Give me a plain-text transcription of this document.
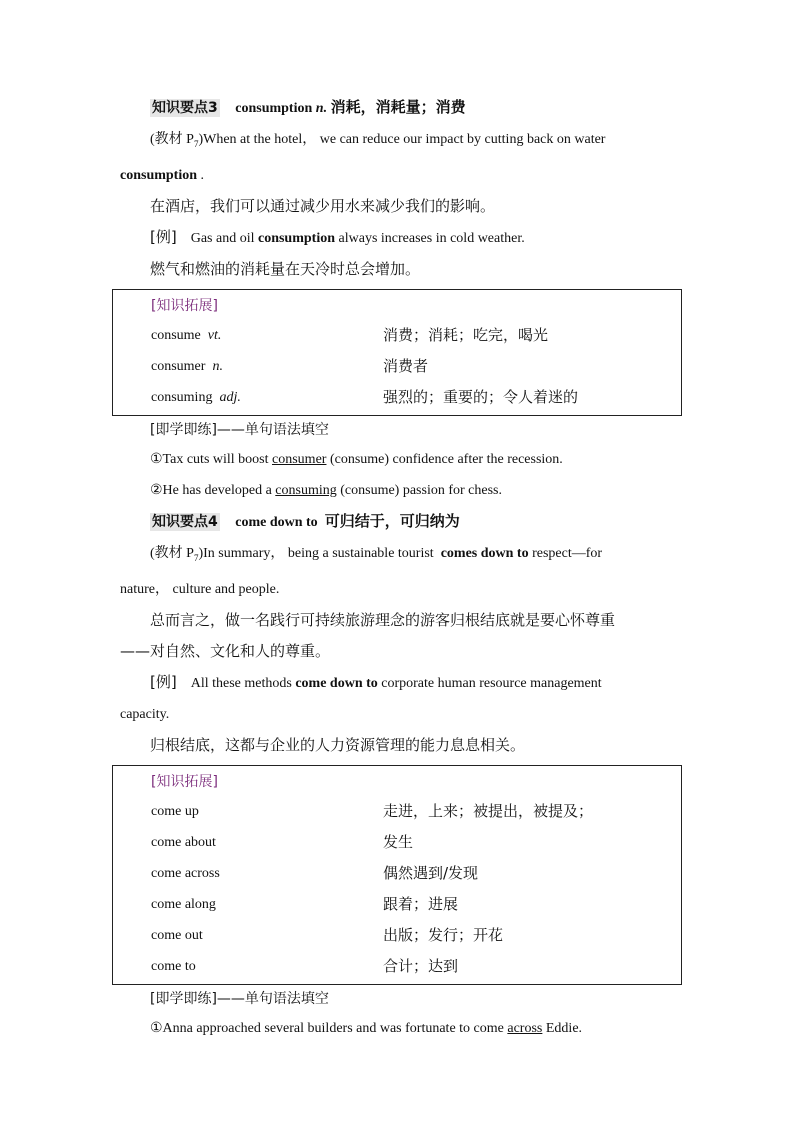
知识要点3 consumption n. 消耗，消耗量；消费
(教材 $P_7)When$ at the hotel， we can reduce our impact by cutting back on water
consumption .
在酒店，我们可以通过减少用水来减少我们的影响。
[例] Gas and oil consumption always increases in cold weather.
燃气和燃油的消耗量在天冷时总会增加。
[知识拓展]
consume vt.	消费；消耗；吃完，喝光
consumer n.	消费者
consuming adj.	强烈的；重要的；令人着迷的
[即学即练]——单句语法填空
①Tax cuts will boost consumer (consume) confidence after the recession.
②He has developed a consuming (consume) passion for chess.
知识要点4 come down to 可归结于，可归纳为
(教材 $P_7)In$ summary， being a sustainable tourist comes down to respect—for
nature， culture and people.
总而言之，做一名践行可持续旅游理念的游客归根结底就是要心怀尊重
——对自然、文化和人的尊重。
[例] All these methods come down to corporate human resource management
capacity.
归根结底，这都与企业的人力资源管理的能力息息相关。
[知识拓展]
come up	走进，上来；被提出，被提及；
come about	发生
come across	偶然遇到/发现
come along	跟着；进展
come out	出版；发行；开花
come to	合计；达到
[即学即练]——单句语法填空
①Anna approached several builders and was fortunate to come across Eddie.
